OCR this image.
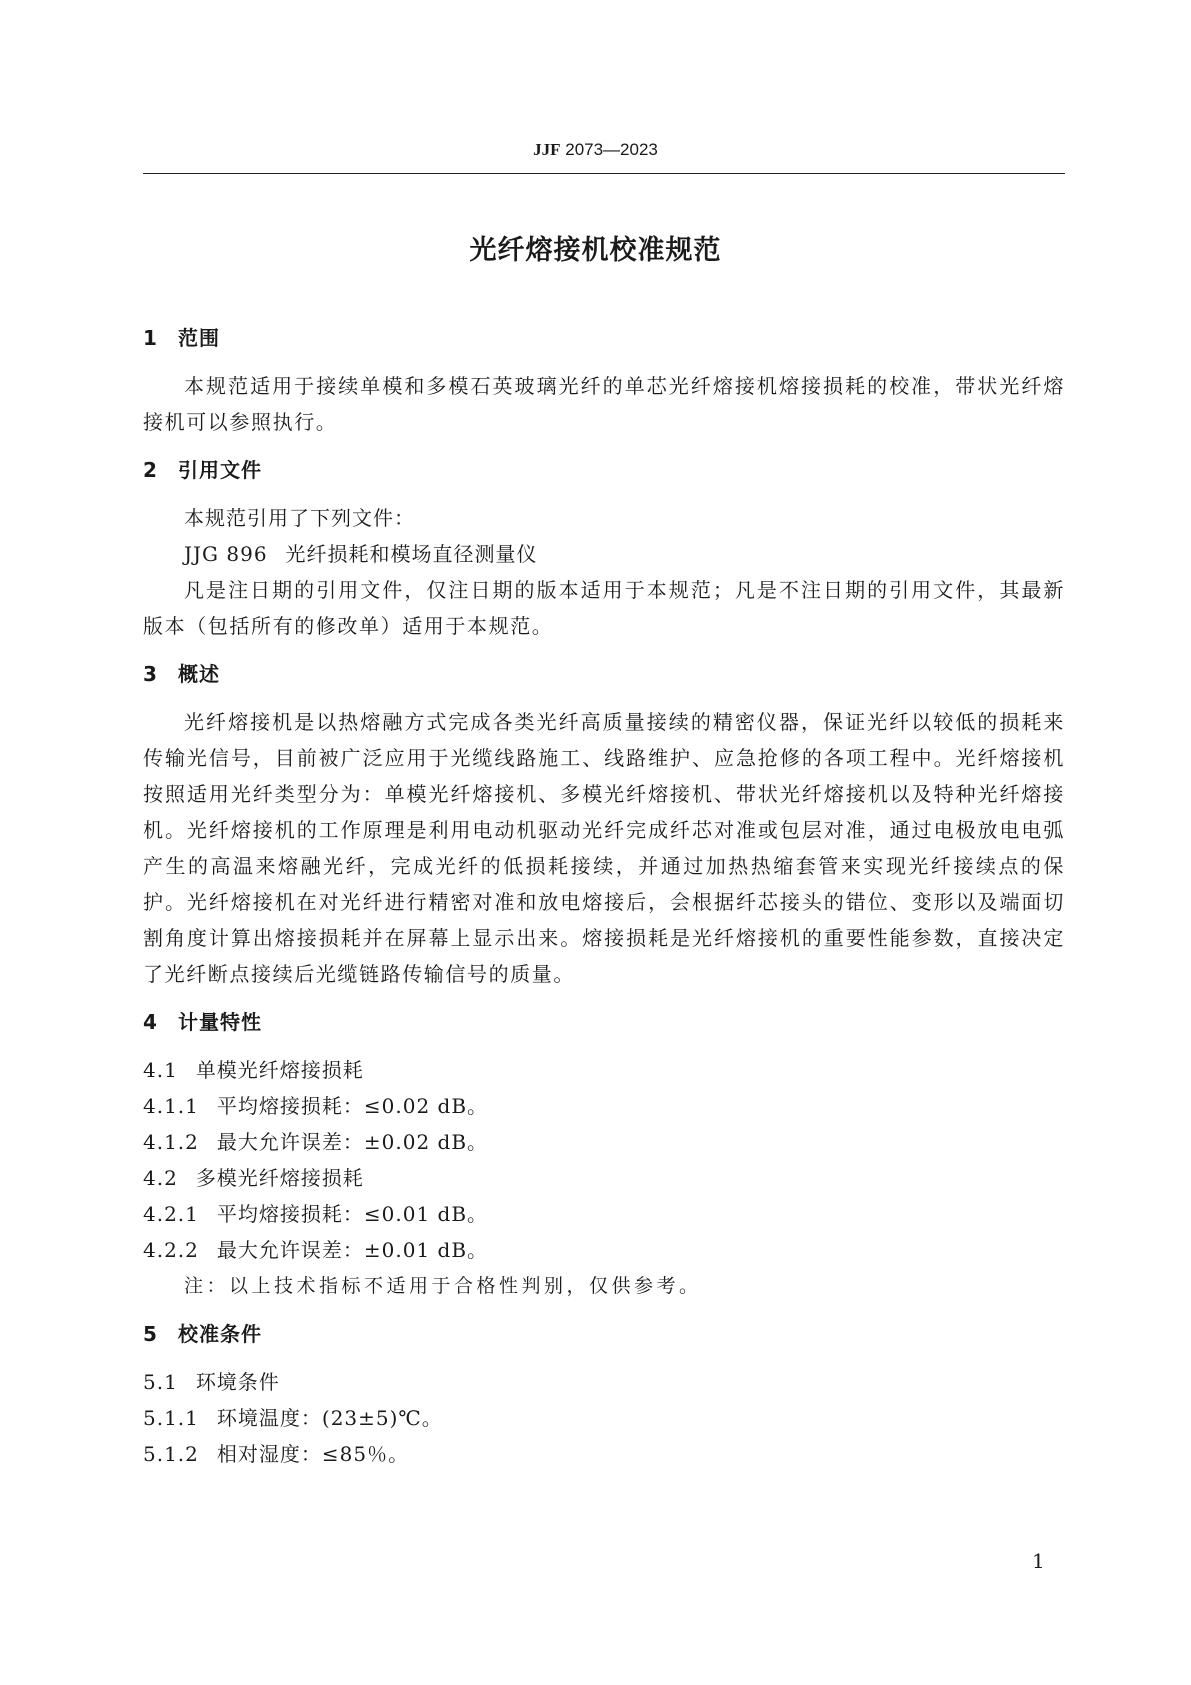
JJF 2073—2023
光纤熔接机校准规范
1 范围
本规范适用于接续单模和多模石英玻璃光纤的单芯光纤熔接机熔接损耗的校准，带状光纤熔接机可以参照执行。
2 引用文件
本规范引用了下列文件：
JJG 896 光纤损耗和模场直径测量仪
凡是注日期的引用文件，仅注日期的版本适用于本规范；凡是不注日期的引用文件，其最新版本（包括所有的修改单）适用于本规范。
3 概述
光纤熔接机是以热熔融方式完成各类光纤高质量接续的精密仪器，保证光纤以较低的损耗来传输光信号，目前被广泛应用于光缆线路施工、线路维护、应急抢修的各项工程中。光纤熔接机按照适用光纤类型分为：单模光纤熔接机、多模光纤熔接机、带状光纤熔接机以及特种光纤熔接机。光纤熔接机的工作原理是利用电动机驱动光纤完成纤芯对准或包层对准，通过电极放电电弧产生的高温来熔融光纤，完成光纤的低损耗接续，并通过加热热缩套管来实现光纤接续点的保护。光纤熔接机在对光纤进行精密对准和放电熔接后，会根据纤芯接头的错位、变形以及端面切割角度计算出熔接损耗并在屏幕上显示出来。熔接损耗是光纤熔接机的重要性能参数，直接决定了光纤断点接续后光缆链路传输信号的质量。
4 计量特性
4.1 单模光纤熔接损耗
4.1.1 平均熔接损耗：≤0.02 dB。
4.1.2 最大允许误差：±0.02 dB。
4.2 多模光纤熔接损耗
4.2.1 平均熔接损耗：≤0.01 dB。
4.2.2 最大允许误差：±0.01 dB。
注：以上技术指标不适用于合格性判别，仅供参考。
5 校准条件
5.1 环境条件
5.1.1 环境温度：(23±5)℃。
5.1.2 相对湿度：≤85％。
1
